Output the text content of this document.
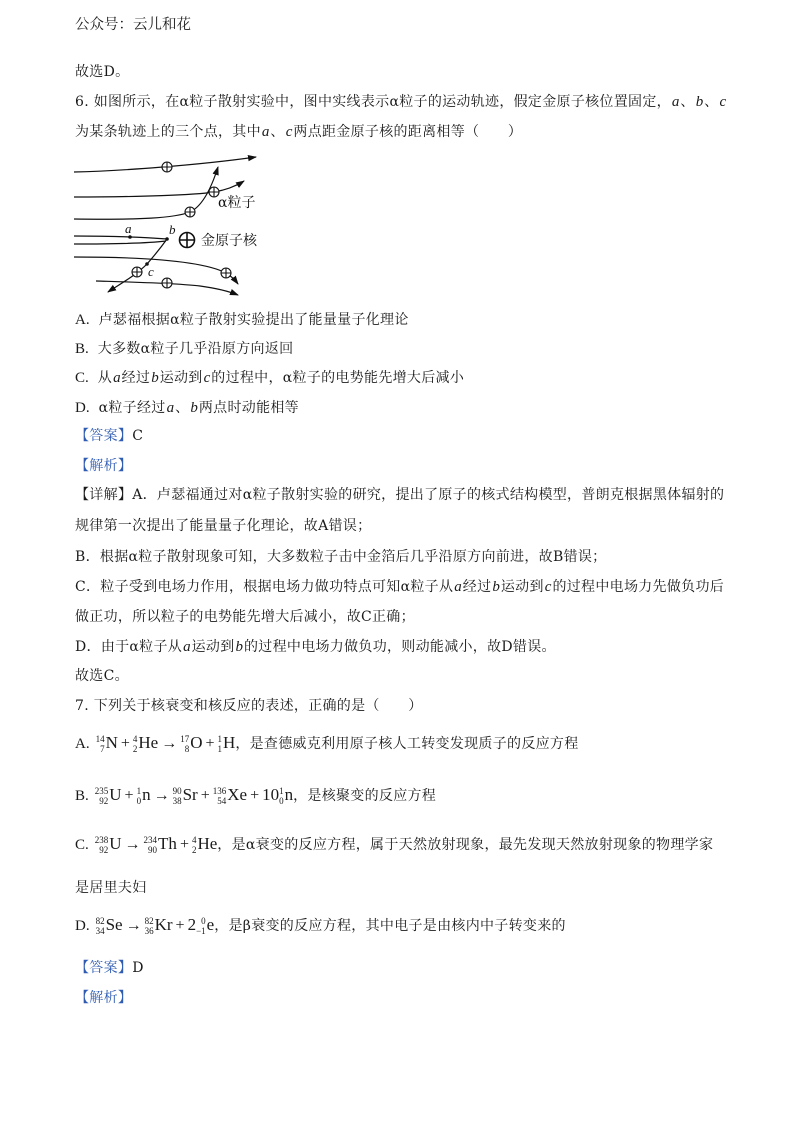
公众号：云儿和花
故选D。
6. 如图所示，在α粒子散射实验中，图中实线表示α粒子的运动轨迹，假定金原子核位置固定，a、b、c
为某条轨迹上的三个点，其中a、c两点距金原子核的距离相等（　　）
a	b
c
α粒子
金原子核
A. 卢瑟福根据α粒子散射实验提出了能量量子化理论
B. 大多数α粒子几乎沿原方向返回
C. 从a经过b运动到c的过程中，α粒子的电势能先增大后减小
D. α粒子经过a、b两点时动能相等
【答案】C
【解析】
【详解】A．卢瑟福通过对α粒子散射实验的研究，提出了原子的核式结构模型，普朗克根据黑体辐射的
规律第一次提出了能量量子化理论，故A错误；
B．根据α粒子散射现象可知，大多数粒子击中金箔后几乎沿原方向前进，故B错误；
C．粒子受到电场力作用，根据电场力做功特点可知α粒子从a经过b运动到c的过程中电场力先做负功后
做正功，所以粒子的电势能先增大后减小，故C正确；
D．由于α粒子从a运动到b的过程中电场力做负功，则动能减小，故D错误。
故选C。
7. 下列关于核衰变和核反应的表述，正确的是（　　）
A. 14
7 N + 4
2 He → 17
8 O + 1
1 H，是查德威克利用原子核人工转变发现质子的反应方程
B. 235
92 U + 1
0 n → 90
38 Sr + 136
54 Xe + 10 1
0 n，是核聚变的反应方程
C. 238
92 U → 234
90 Th + 4
2 He，是α衰变的反应方程，属于天然放射现象，最先发现天然放射现象的物理学家
是居里夫妇
D. 82
34 Se → 82
36 Kr + 2 0
−1 e，是β衰变的反应方程，其中电子是由核内中子转变来的
【答案】D
【解析】
